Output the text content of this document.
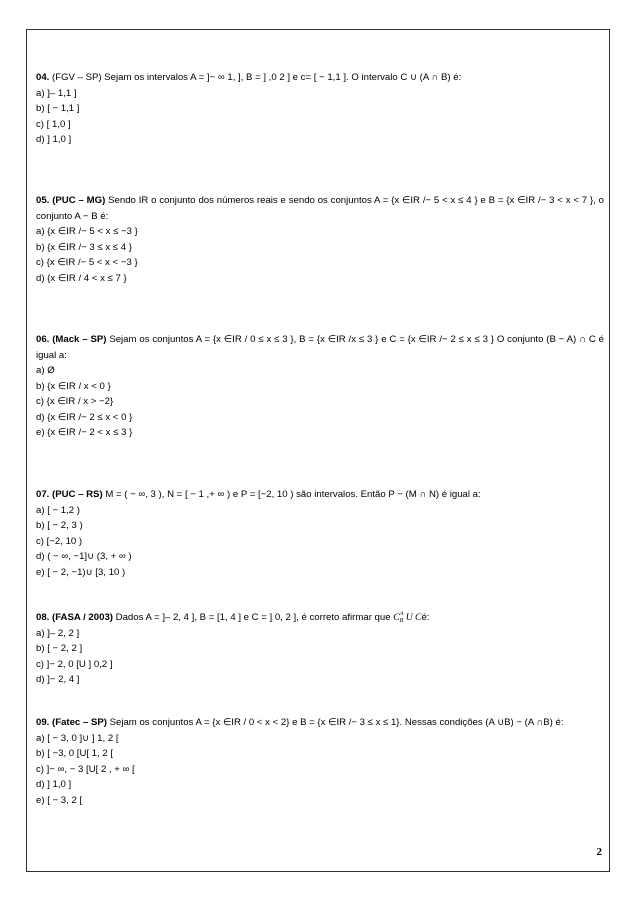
04. (FGV – SP) Sejam os intervalos A = ]− ∞ 1, ], B = ] ,0 2 ] e c= [ − 1,1 ]. O intervalo C ∪ (A ∩ B) é:

a) ]– 1,1 ]

b) [ − 1,1 ]

c) [ 1,0 ]

d) ] 1,0 ]

05. (PUC – MG) Sendo IR o conjunto dos números reais e sendo os conjuntos A = {x ∈IR /− 5 < x ≤ 4 } e B = {x ∈IR /− 3 < x < 7 }, o conjunto A − B é:

a) {x ∈IR /− 5 < x ≤ −3 }

b) {x ∈IR /− 3 ≤ x ≤ 4 }

c) {x ∈IR /− 5 < x < −3 }

d) {x ∈IR / 4 < x ≤ 7 }

06. (Mack – SP) Sejam os conjuntos A = {x ∈IR / 0 ≤ x ≤ 3 }, B = {x ∈IR /x ≤ 3 } e C = {x ∈IR /− 2 ≤ x ≤ 3 } O conjunto (B − A) ∩ C é igual a:

a) Ø

b) {x ∈IR / x < 0 }

c) {x ∈IR / x > −2}

d) {x ∈IR /− 2 ≤ x < 0 }

e) {x ∈IR /− 2 < x ≤ 3 }

07. (PUC – RS) M = ( − ∞, 3 ), N = [ − 1 ,+ ∞ ) e P = [−2, 10 ) são intervalos. Então P − (M ∩ N) é igual a:

a) [ − 1,2 )

b) [ − 2, 3 )

c) [−2, 10 )

d) ( − ∞, −1]∪ (3, + ∞ )

e) [ − 2, −1)∪ [3, 10 )

08. (FASA / 2003) Dados A = ]– 2, 4 ], B = [1, 4 ] e C = ] 0, 2 ], é correto afirmar que C A
B U Cé:

a) ]– 2, 2 ]

b) [ − 2, 2 ]

c) ]− 2, 0 [U ] 0,2 ]

d) ]− 2, 4 ]

09. (Fatec – SP) Sejam os conjuntos A = {x ∈IR / 0 < x < 2} e B = {x ∈IR /− 3 ≤ x ≤ 1}. Nessas condições (A ∪B) − (A ∩B) é:

a) [ − 3, 0 ]∪ ] 1, 2 [

b) [ −3, 0 [U[ 1, 2 [

c) ]− ∞, − 3 [U[ 2 , + ∞ [

d) ] 1,0 ]

e) [ − 3, 2 [

2
